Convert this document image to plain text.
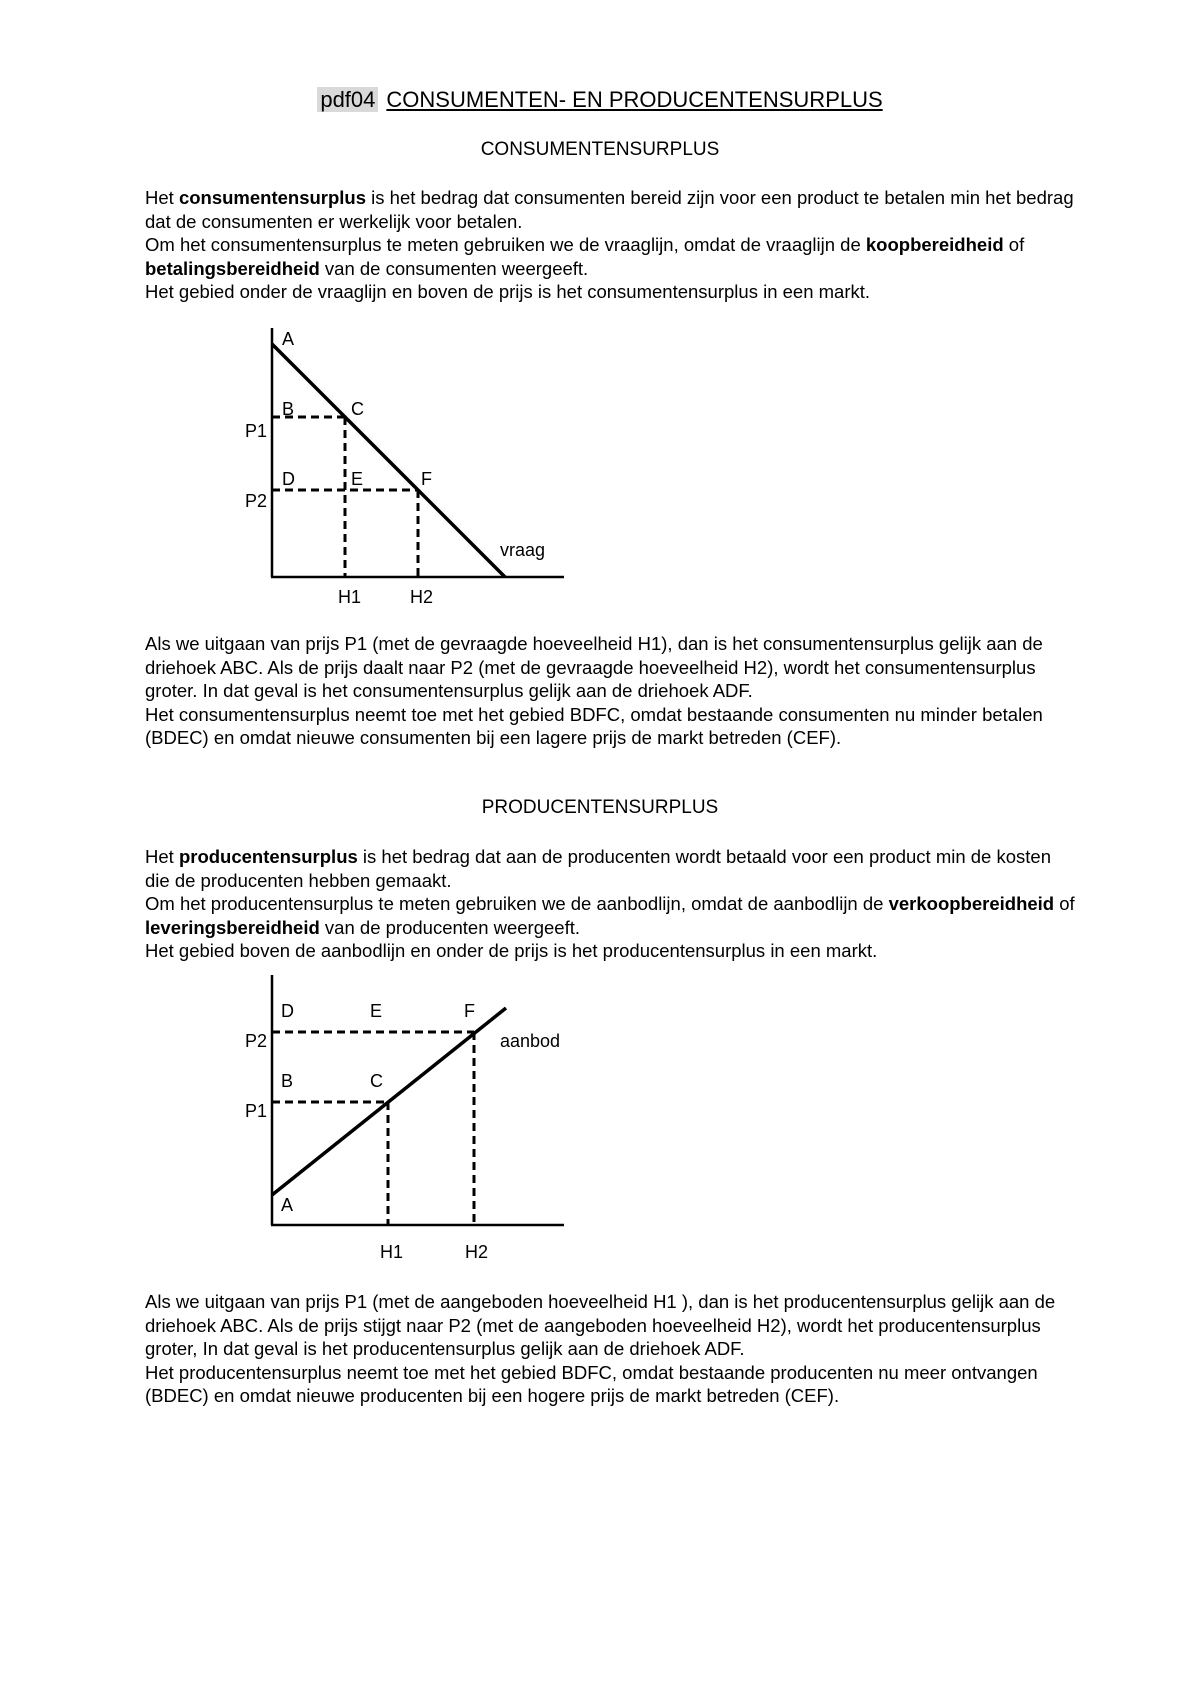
pdf04 CONSUMENTEN- EN PRODUCENTENSURPLUS
CONSUMENTENSURPLUS

Het consumentensurplus is het bedrag dat consumenten bereid zijn voor een product te betalen min het bedrag dat de consumenten er werkelijk voor betalen.

Om het consumentensurplus te meten gebruiken we de vraaglijn, omdat de vraaglijn de koopbereidheid of betalingsbereidheid van de consumenten weergeeft.

Het gebied onder de vraaglijn en boven de prijs is het consumentensurplus in een markt.

A
B	C
D	E	F
P1
P2
H1	H2
vraag

Als we uitgaan van prijs P1 (met de gevraagde hoeveelheid H1), dan is het consumentensurplus gelijk aan de driehoek ABC. Als de prijs daalt naar P2 (met de gevraagde hoeveelheid H2), wordt het consumentensurplus groter. In dat geval is het consumentensurplus gelijk aan de driehoek ADF.

Het consumentensurplus neemt toe met het gebied BDFC, omdat bestaande consumenten nu minder betalen (BDEC) en omdat nieuwe consumenten bij een lagere prijs de markt betreden (CEF).

PRODUCENTENSURPLUS

Het producentensurplus is het bedrag dat aan de producenten wordt betaald voor een product min de kosten die de producenten hebben gemaakt.

Om het producentensurplus te meten gebruiken we de aanbodlijn, omdat de aanbodlijn de verkoopbereidheid of leveringsbereidheid van de producenten weergeeft.

Het gebied boven de aanbodlijn en onder de prijs is het producentensurplus in een markt.

D	E	F
B	C
A
P2
P1
H1	H2
aanbod

Als we uitgaan van prijs P1 (met de aangeboden hoeveelheid H1 ), dan is het producentensurplus gelijk aan de driehoek ABC. Als de prijs stijgt naar P2 (met de aangeboden hoeveelheid H2), wordt het producentensurplus groter, In dat geval is het producentensurplus gelijk aan de driehoek ADF.

Het producentensurplus neemt toe met het gebied BDFC, omdat bestaande producenten nu meer ontvangen (BDEC) en omdat nieuwe producenten bij een hogere prijs de markt betreden (CEF).
